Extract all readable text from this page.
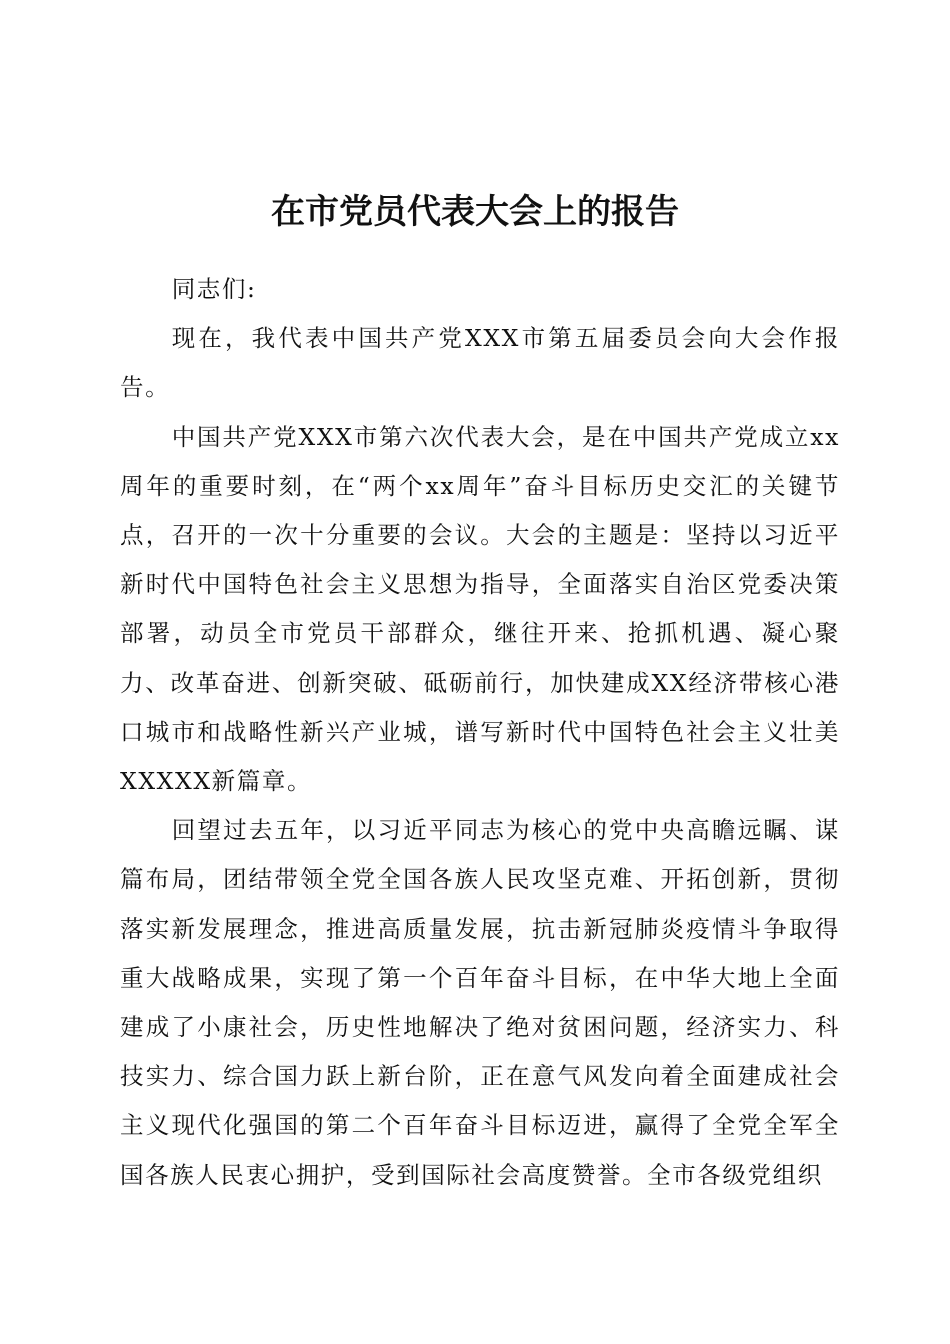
在市党员代表大会上的报告

同志们:

现在，我代表中国共产党XXX市第五届委员会向大会作报告。

中国共产党XXX市第六次代表大会，是在中国共产党成立xx周年的重要时刻，在“两个xx周年”奋斗目标历史交汇的关键节点，召开的一次十分重要的会议。大会的主题是：坚持以习近平新时代中国特色社会主义思想为指导，全面落实自治区党委决策部署，动员全市党员干部群众，继往开来、抢抓机遇、凝心聚力、改革奋进、创新突破、砥砺前行，加快建成XX经济带核心港口城市和战略性新兴产业城，谱写新时代中国特色社会主义壮美XXXXX新篇章。

回望过去五年，以习近平同志为核心的党中央高瞻远瞩、谋篇布局，团结带领全党全国各族人民攻坚克难、开拓创新，贯彻落实新发展理念，推进高质量发展，抗击新冠肺炎疫情斗争取得重大战略成果，实现了第一个百年奋斗目标，在中华大地上全面建成了小康社会，历史性地解决了绝对贫困问题，经济实力、科技实力、综合国力跃上新台阶，正在意气风发向着全面建成社会主义现代化强国的第二个百年奋斗目标迈进，赢得了全党全军全国各族人民衷心拥护，受到国际社会高度赞誉。全市各级党组织
